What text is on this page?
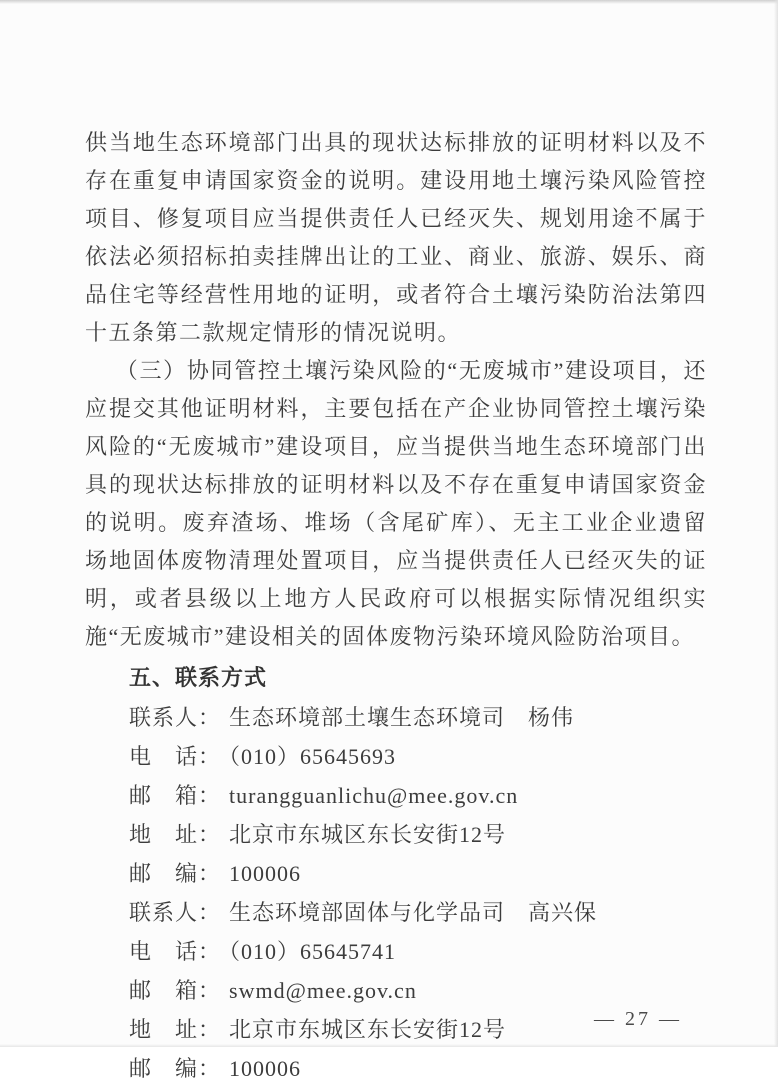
供当地生态环境部门出具的现状达标排放的证明材料以及不存在重复申请国家资金的说明。建设用地土壤污染风险管控项目、修复项目应当提供责任人已经灭失、规划用途不属于依法必须招标拍卖挂牌出让的工业、商业、旅游、娱乐、商品住宅等经营性用地的证明，或者符合土壤污染防治法第四十五条第二款规定情形的情况说明。

（三）协同管控土壤污染风险的“无废城市”建设项目，还应提交其他证明材料，主要包括在产企业协同管控土壤污染风险的“无废城市”建设项目，应当提供当地生态环境部门出具的现状达标排放的证明材料以及不存在重复申请国家资金的说明。废弃渣场、堆场（含尾矿库）、无主工业企业遗留场地固体废物清理处置项目，应当提供责任人已经灭失的证明，或者县级以上地方人民政府可以根据实际情况组织实施“无废城市”建设相关的固体废物污染环境风险防治项目。

五、联系方式
联系人： 生态环境部土壤生态环境司　杨伟
电　话： （010）65645693
邮　箱： turangguanlichu@mee.gov.cn
地　址： 北京市东城区东长安街12号
邮　编： 100006
联系人： 生态环境部固体与化学品司　高兴保
电　话： （010）65645741
邮　箱： swmd@mee.gov.cn
地　址： 北京市东城区东长安街12号
邮　编： 100006
— 27 —
